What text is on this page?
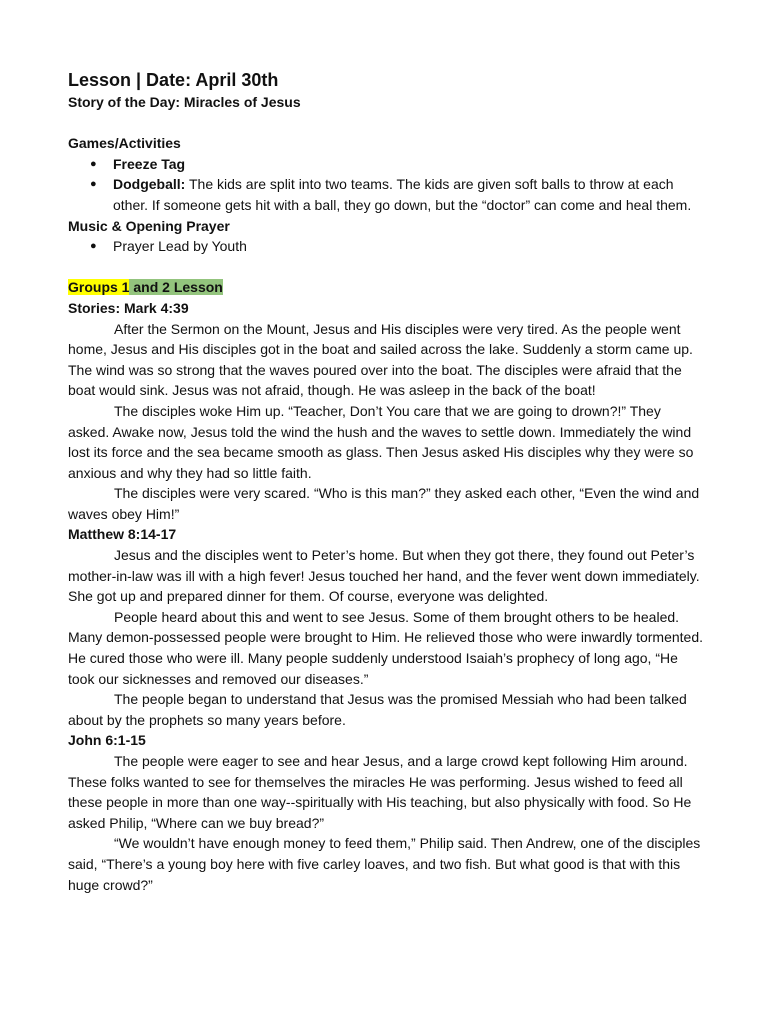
Lesson | Date: April 30th

Story of the Day: Miracles of Jesus

Games/Activities

● Freeze Tag
● Dodgeball: The kids are split into two teams. The kids are given soft balls to throw at each other. If someone gets hit with a ball, they go down, but the “doctor” can come and heal them.

Music & Opening Prayer

● Prayer Lead by Youth

Groups 1 and 2 Lesson

Stories: Mark 4:39

After the Sermon on the Mount, Jesus and His disciples were very tired. As the people went home, Jesus and His disciples got in the boat and sailed across the lake. Suddenly a storm came up. The wind was so strong that the waves poured over into the boat. The disciples were afraid that the boat would sink. Jesus was not afraid, though. He was asleep in the back of the boat!

The disciples woke Him up. “Teacher, Don’t You care that we are going to drown?!” They asked. Awake now, Jesus told the wind the hush and the waves to settle down. Immediately the wind lost its force and the sea became smooth as glass. Then Jesus asked His disciples why they were so anxious and why they had so little faith.

The disciples were very scared. “Who is this man?” they asked each other, “Even the wind and waves obey Him!”

Matthew 8:14-17

Jesus and the disciples went to Peter’s home. But when they got there, they found out Peter’s mother-in-law was ill with a high fever! Jesus touched her hand, and the fever went down immediately. She got up and prepared dinner for them. Of course, everyone was delighted.

People heard about this and went to see Jesus. Some of them brought others to be healed. Many demon-possessed people were brought to Him. He relieved those who were inwardly tormented. He cured those who were ill. Many people suddenly understood Isaiah’s prophecy of long ago, “He took our sicknesses and removed our diseases.”

The people began to understand that Jesus was the promised Messiah who had been talked about by the prophets so many years before.

John 6:1-15

The people were eager to see and hear Jesus, and a large crowd kept following Him around. These folks wanted to see for themselves the miracles He was performing. Jesus wished to feed all these people in more than one way--spiritually with His teaching, but also physically with food. So He asked Philip, “Where can we buy bread?”

“We wouldn’t have enough money to feed them,” Philip said. Then Andrew, one of the disciples said, “There’s a young boy here with five carley loaves, and two fish. But what good is that with this huge crowd?”
